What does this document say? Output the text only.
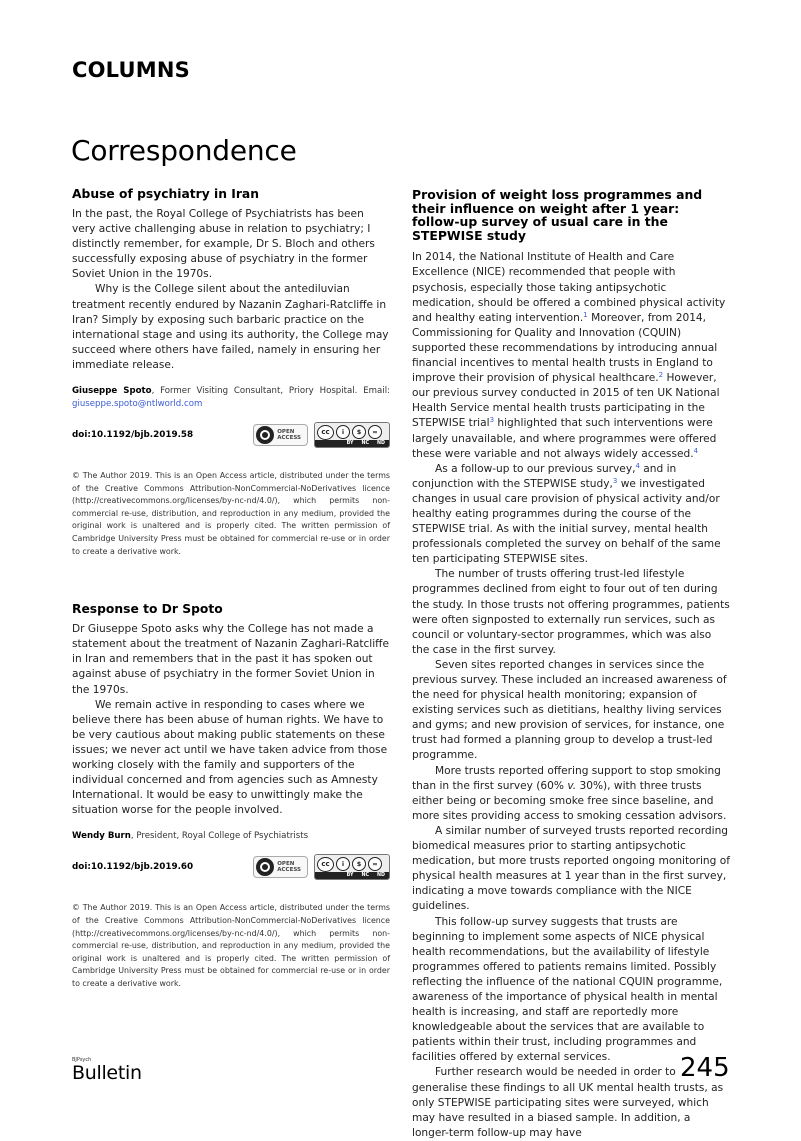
COLUMNS
Correspondence
Abuse of psychiatry in Iran

In the past, the Royal College of Psychiatrists has been very active challenging abuse in relation to psychiatry; I distinctly remember, for example, Dr S. Bloch and others successfully exposing abuse of psychiatry in the former Soviet Union in the 1970s.

Why is the College silent about the antediluvian treatment recently endured by Nazanin Zaghari-Ratcliffe in Iran? Simply by exposing such barbaric practice on the international stage and using its authority, the College may succeed where others have failed, namely in ensuring her immediate release.

Giuseppe Spoto, Former Visiting Consultant, Priory Hospital. Email: giuseppe.spoto@ntlworld.com
doi:10.1192/bjb.2019.58	OPEN
ACCESS
cc	i	$	=
BY NC ND
© The Author 2019. This is an Open Access article, distributed under the terms of the Creative Commons Attribution-NonCommercial-NoDerivatives licence (http://creativecommons.org/licenses/by-nc-nd/4.0/), which permits non-commercial re-use, distribution, and reproduction in any medium, provided the original work is unaltered and is properly cited. The written permission of Cambridge University Press must be obtained for commercial re-use or in order to create a derivative work.
Response to Dr Spoto

Dr Giuseppe Spoto asks why the College has not made a statement about the treatment of Nazanin Zaghari-Ratcliffe in Iran and remembers that in the past it has spoken out against abuse of psychiatry in the former Soviet Union in the 1970s.

We remain active in responding to cases where we believe there has been abuse of human rights. We have to be very cautious about making public statements on these issues; we never act until we have taken advice from those working closely with the family and supporters of the individual concerned and from agencies such as Amnesty International. It would be easy to unwittingly make the situation worse for the people involved.

Wendy Burn, President, Royal College of Psychiatrists
doi:10.1192/bjb.2019.60	OPEN
ACCESS
cc	i	$	=
BY NC ND
© The Author 2019. This is an Open Access article, distributed under the terms of the Creative Commons Attribution-NonCommercial-NoDerivatives licence (http://creativecommons.org/licenses/by-nc-nd/4.0/), which permits non-commercial re-use, distribution, and reproduction in any medium, provided the original work is unaltered and is properly cited. The written permission of Cambridge University Press must be obtained for commercial re-use or in order to create a derivative work.
Provision of weight loss programmes and their influence on weight after 1 year: follow-up survey of usual care in the STEPWISE study

In 2014, the National Institute of Health and Care Excellence (NICE) recommended that people with psychosis, especially those taking antipsychotic medication, should be offered a combined physical activity and healthy eating intervention.$^1$ Moreover, from 2014, Commissioning for Quality and Innovation (CQUIN) supported these recommendations by introducing annual financial incentives to mental health trusts in England to improve their provision of physical healthcare.$^2$ However, our previous survey conducted in 2015 of ten UK National Health Service mental health trusts participating in the STEPWISE trial$^3$ highlighted that such interventions were largely unavailable, and where programmes were offered these were variable and not always widely accessed.$^4$

As a follow-up to our previous survey,$^4$ and in conjunction with the STEPWISE study,$^3$ we investigated changes in usual care provision of physical activity and/or healthy eating programmes during the course of the STEPWISE trial. As with the initial survey, mental health professionals completed the survey on behalf of the same ten participating STEPWISE sites.

The number of trusts offering trust-led lifestyle programmes declined from eight to four out of ten during the study. In those trusts not offering programmes, patients were often signposted to externally run services, such as council or voluntary-sector programmes, which was also the case in the first survey.

Seven sites reported changes in services since the previous survey. These included an increased awareness of the need for physical health monitoring; expansion of existing services such as dietitians, healthy living services and gyms; and new provision of services, for instance, one trust had formed a planning group to develop a trust-led programme.

More trusts reported offering support to stop smoking than in the first survey (60% v. 30%), with three trusts either being or becoming smoke free since baseline, and more sites providing access to smoking cessation advisors.

A similar number of surveyed trusts reported recording biomedical measures prior to starting antipsychotic medication, but more trusts reported ongoing monitoring of physical health measures at 1 year than in the first survey, indicating a move towards compliance with the NICE guidelines.

This follow-up survey suggests that trusts are beginning to implement some aspects of NICE physical health recommendations, but the availability of lifestyle programmes offered to patients remains limited. Possibly reflecting the influence of the national CQUIN programme, awareness of the importance of physical health in mental health is increasing, and staff are reportedly more knowledgeable about the services that are available to patients within their trust, including programmes and facilities offered by external services.

Further research would be needed in order to generalise these findings to all UK mental health trusts, as only STEPWISE participating sites were surveyed, which may have resulted in a biased sample. In addition, a longer-term follow-up may have

BJPsych
Bulletin	245
